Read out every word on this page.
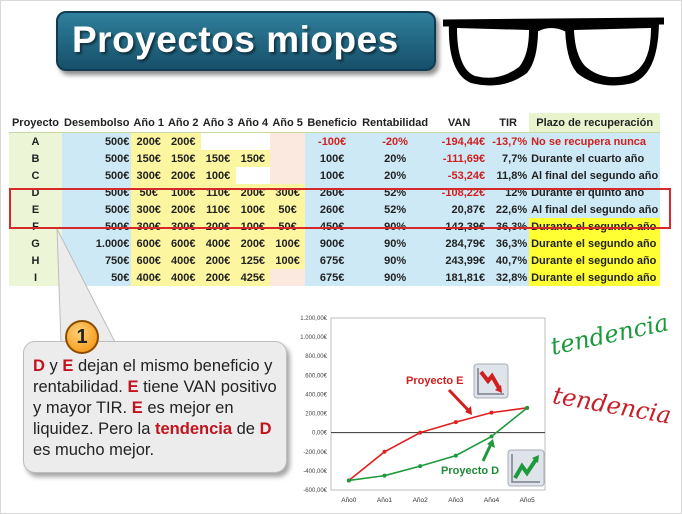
Proyectos miopes
Proyecto	Desembolso	Año 1	Año 2	Año 3	Año 4	Año 5	Beneficio	Rentabilidad	VAN	TIR	Plazo de recuperación
A	500€	200€	200€				-100€	-20%	-194,44€	-13,7%	No se recupera nunca
B	500€	150€	150€	150€	150€		100€	20%	-111,69€	7,7%	Durante el cuarto año
C	500€	300€	200€	100€			100€	20%	-53,24€	11,8%	Al final del segundo año
D	500€	50€	100€	110€	200€	300€	260€	52%	-108,22€	12%	Durante el quinto año
E	500€	300€	200€	110€	100€	50€	260€	52%	20,87€	22,6%	Al final del segundo año
F	500€	300€	300€	200€	100€	50€	450€	90%	142,39€	36,3%	Durante el segundo año
G	1.000€	600€	600€	400€	200€	100€	900€	90%	284,79€	36,3%	Durante el segundo año
H	750€	600€	400€	200€	125€	100€	675€	90%	243,99€	40,7%	Durante el segundo año
I	50€	400€	400€	200€	425€		675€	90%	181,81€	32,8%	Durante el segundo año
D y E dejan el mismo beneficio y rentabilidad. E tiene VAN positivo y mayor TIR. E es mejor en liquidez. Pero la tendencia de D es mucho mejor.
1
1.200,00€
1.000,00€
800,00€
600,00€
400,00€
200,00€
0,00€
-200,00€
-400,00€
-600,00€
Año0	Año1	Año2	Año3	Año4	Año5
Proyecto E
Proyecto D
tendencia
tendencia
